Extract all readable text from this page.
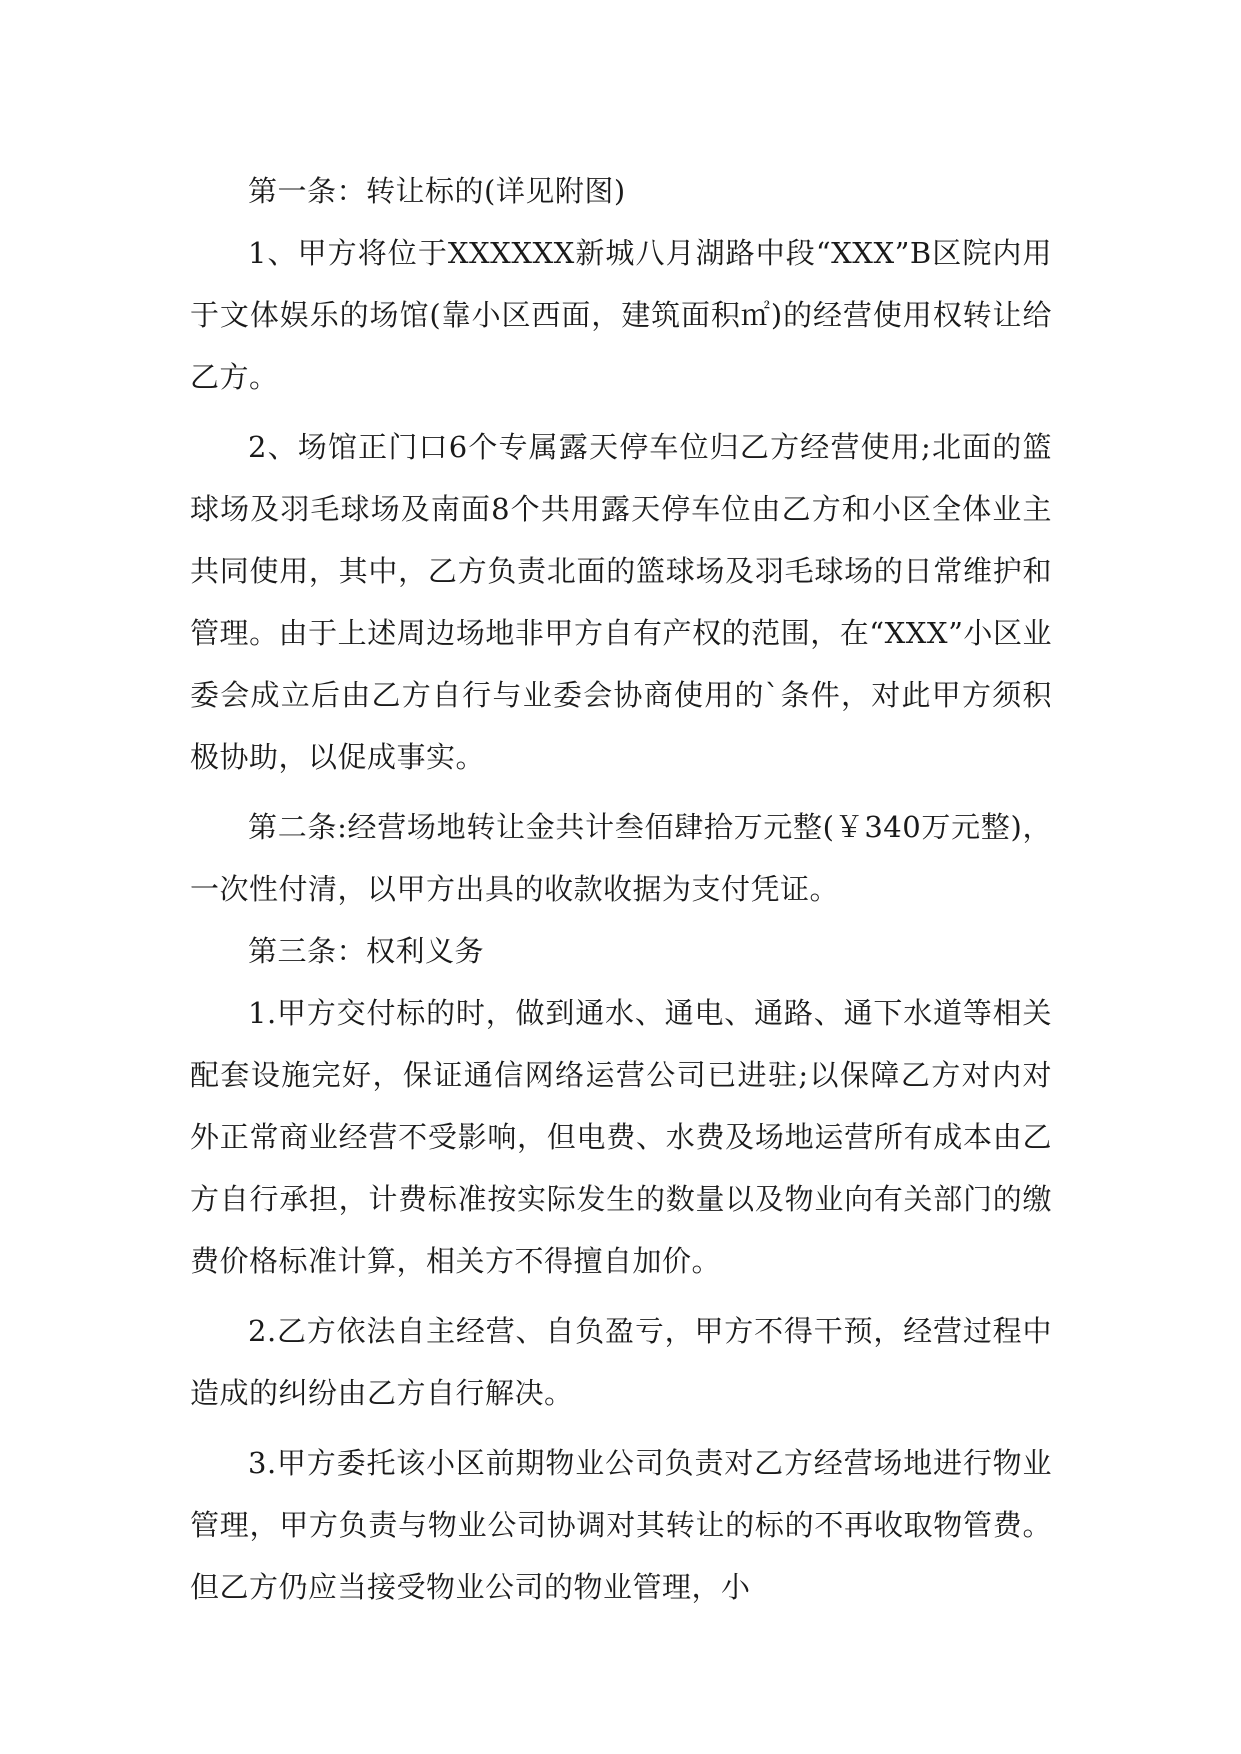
第一条：转让标的(详见附图)

1、甲方将位于XXXXXX新城八月湖路中段“XXX”B区院内用于文体娱乐的场馆(靠小区西面，建筑面积㎡)的经营使用权转让给乙方。

2、场馆正门口6个专属露天停车位归乙方经营使用;北面的篮球场及羽毛球场及南面8个共用露天停车位由乙方和小区全体业主共同使用，其中，乙方负责北面的篮球场及羽毛球场的日常维护和管理。由于上述周边场地非甲方自有产权的范围，在“XXX”小区业委会成立后由乙方自行与业委会协商使用的`条件，对此甲方须积极协助，以促成事实。

第二条:经营场地转让金共计叁佰肆拾万元整(￥340万元整)，一次性付清，以甲方出具的收款收据为支付凭证。

第三条：权利义务

1.甲方交付标的时，做到通水、通电、通路、通下水道等相关配套设施完好，保证通信网络运营公司已进驻;以保障乙方对内对外正常商业经营不受影响，但电费、水费及场地运营所有成本由乙方自行承担，计费标准按实际发生的数量以及物业向有关部门的缴费价格标准计算，相关方不得擅自加价。

2.乙方依法自主经营、自负盈亏，甲方不得干预，经营过程中造成的纠纷由乙方自行解决。

3.甲方委托该小区前期物业公司负责对乙方经营场地进行物业管理，甲方负责与物业公司协调对其转让的标的不再收取物管费。但乙方仍应当接受物业公司的物业管理，小
